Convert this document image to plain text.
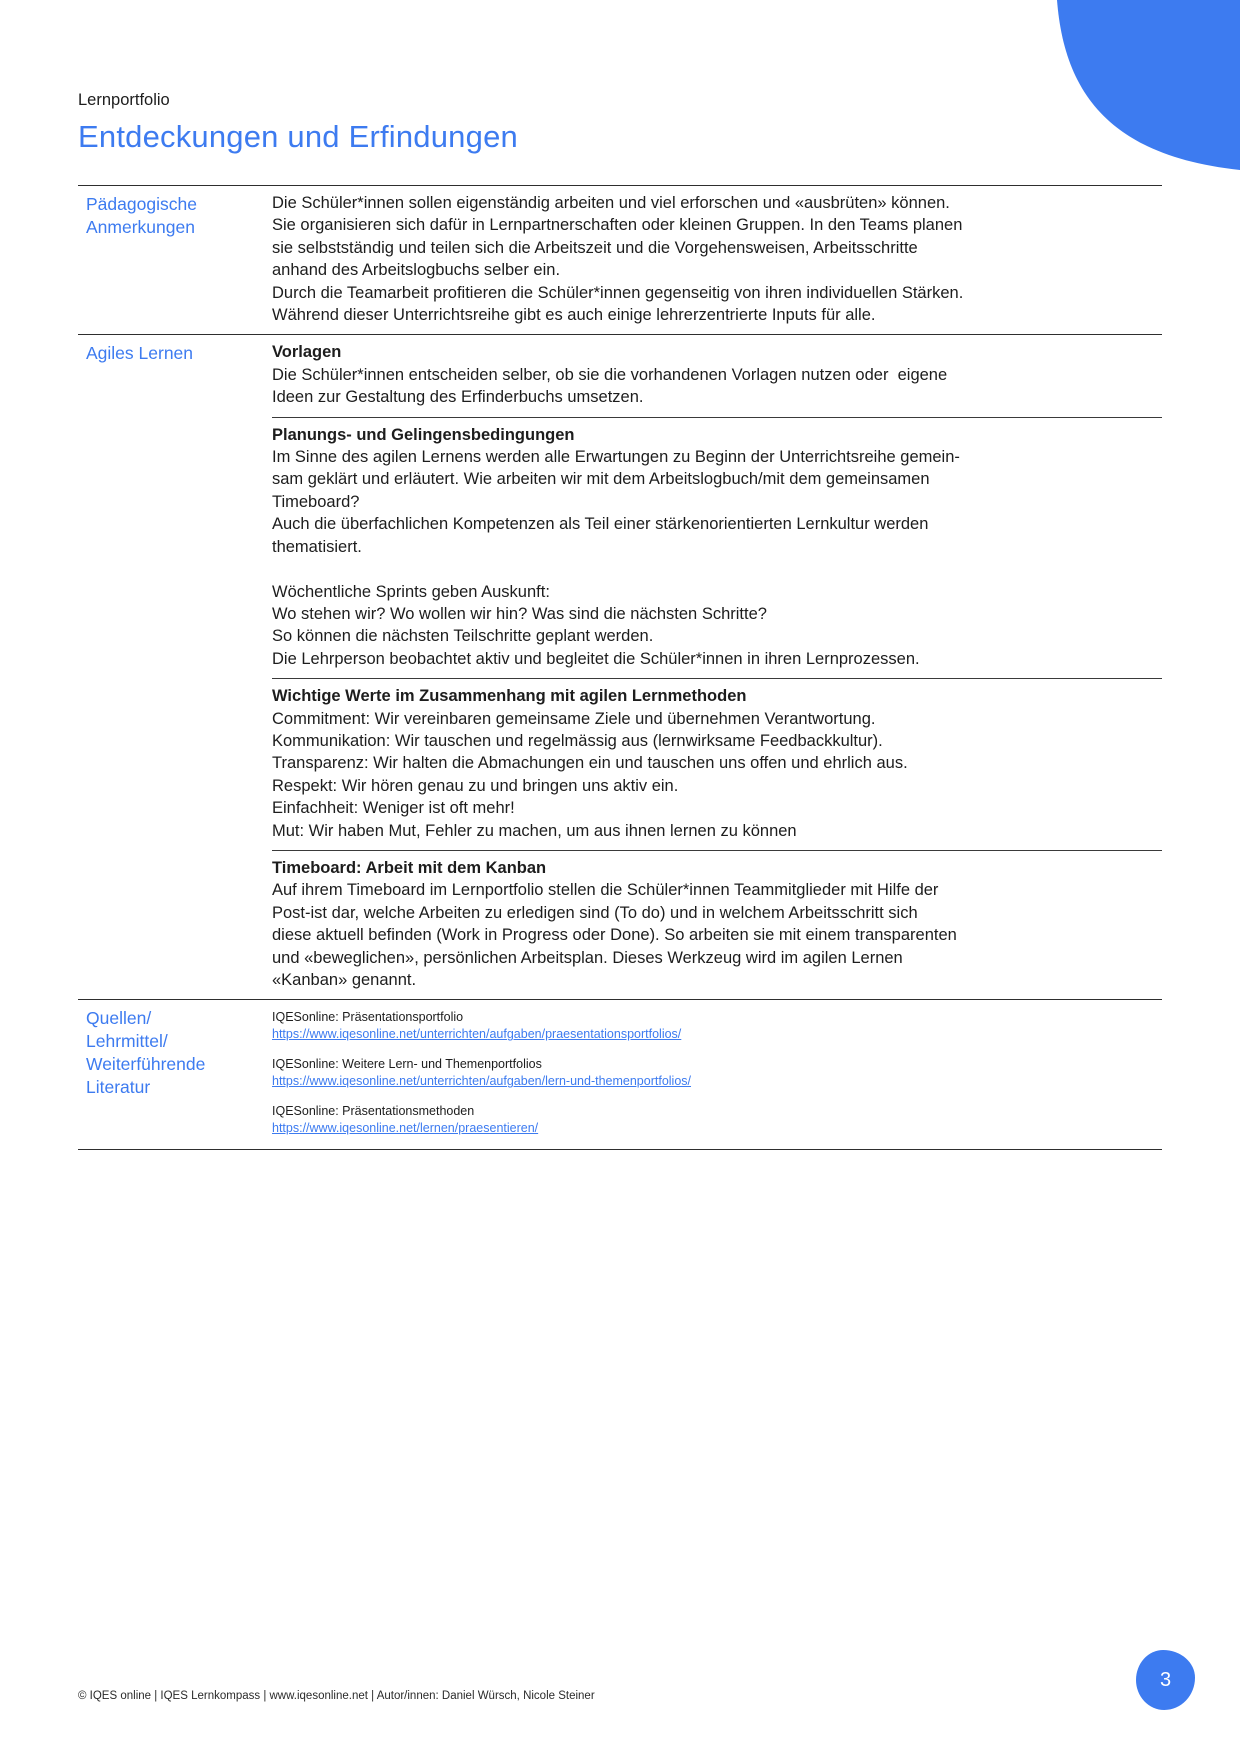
Lernportfolio
Entdeckungen und Erfindungen
Pädagogische
Anmerkungen
Die Schüler*innen sollen eigenständig arbeiten und viel erforschen und «ausbrüten» können.
Sie organisieren sich dafür in Lernpartnerschaften oder kleinen Gruppen. In den Teams planen
sie selbstständig und teilen sich die Arbeitszeit und die Vorgehensweisen, Arbeitsschritte
anhand des Arbeitslogbuchs selber ein.
Durch die Teamarbeit profitieren die Schüler*innen gegenseitig von ihren individuellen Stärken.
Während dieser Unterrichtsreihe gibt es auch einige lehrerzentrierte Inputs für alle.
Agiles Lernen	Vorlagen
Die Schüler*innen entscheiden selber, ob sie die vorhandenen Vorlagen nutzen oder  eigene
Ideen zur Gestaltung des Erfinderbuchs umsetzen.
Planungs- und Gelingensbedingungen
Im Sinne des agilen Lernens werden alle Erwartungen zu Beginn der Unterrichtsreihe gemein-
sam geklärt und erläutert. Wie arbeiten wir mit dem Arbeitslogbuch/mit dem gemeinsamen
Timeboard?
Auch die überfachlichen Kompetenzen als Teil einer stärkenorientierten Lernkultur werden
thematisiert.

Wöchentliche Sprints geben Auskunft:
Wo stehen wir? Wo wollen wir hin? Was sind die nächsten Schritte?
So können die nächsten Teilschritte geplant werden.
Die Lehrperson beobachtet aktiv und begleitet die Schüler*innen in ihren Lernprozessen.
Wichtige Werte im Zusammenhang mit agilen Lernmethoden
Commitment: Wir vereinbaren gemeinsame Ziele und übernehmen Verantwortung.
Kommunikation: Wir tauschen und regelmässig aus (lernwirksame Feedbackkultur).
Transparenz: Wir halten die Abmachungen ein und tauschen uns offen und ehrlich aus.
Respekt: Wir hören genau zu und bringen uns aktiv ein.
Einfachheit: Weniger ist oft mehr!
Mut: Wir haben Mut, Fehler zu machen, um aus ihnen lernen zu können
Timeboard: Arbeit mit dem Kanban
Auf ihrem Timeboard im Lernportfolio stellen die Schüler*innen Teammitglieder mit Hilfe der
Post-ist dar, welche Arbeiten zu erledigen sind (To do) und in welchem Arbeitsschritt sich
diese aktuell befinden (Work in Progress oder Done). So arbeiten sie mit einem transparenten
und «beweglichen», persönlichen Arbeitsplan. Dieses Werkzeug wird im agilen Lernen
«Kanban» genannt.
Quellen/
Lehrmittel/
Weiterführende
Literatur
IQESonline: Präsentationsportfolio
https://www.iqesonline.net/unterrichten/aufgaben/praesentationsportfolios/
IQESonline: Weitere Lern- und Themenportfolios
https://www.iqesonline.net/unterrichten/aufgaben/lern-und-themenportfolios/
IQESonline: Präsentationsmethoden
https://www.iqesonline.net/lernen/praesentieren/
3
© IQES online | IQES Lernkompass | www.iqesonline.net | Autor/innen: Daniel Würsch, Nicole Steiner
